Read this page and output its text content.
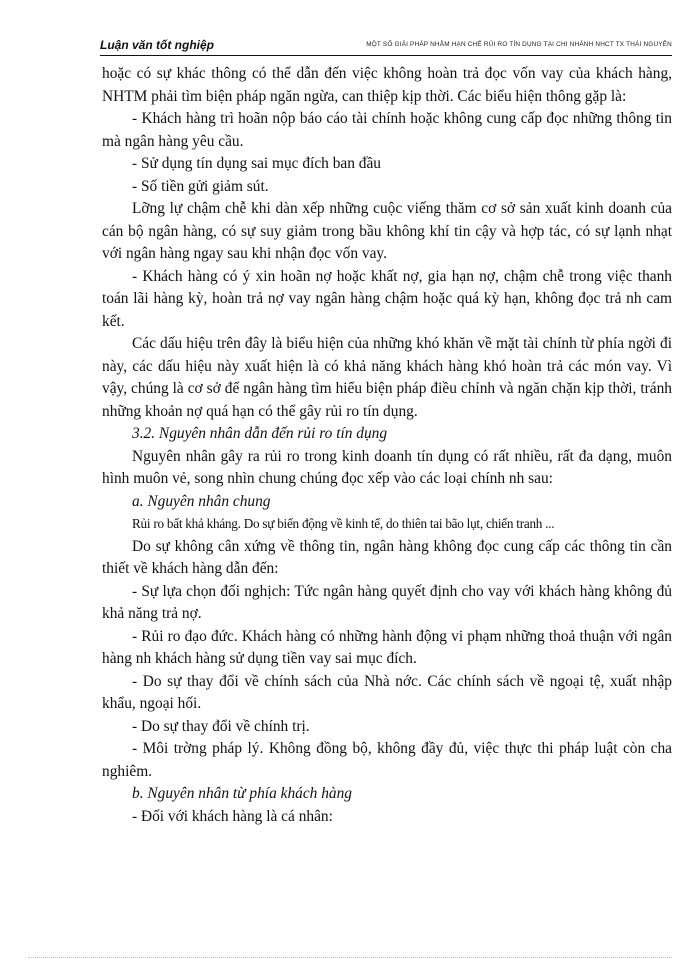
Luận văn tốt nghiệp	MỘT SỐ GIẢI PHÁP NHẰM HẠN CHẾ RỦI RO TÍN DỤNG TẠI CHI NHÁNH NHCT TX THÁI NGUYÊN

hoặc có sự khác thông có thể dẫn đến việc không hoàn trả đọc vốn vay của khách hàng, NHTM phải tìm biện pháp ngăn ngừa, can thiệp kịp thời. Các biểu hiện thông gặp là:

- Khách hàng trì hoãn nộp báo cáo tài chính hoặc không cung cấp đọc những thông tin mà ngân hàng yêu cầu.

- Sử dụng tín dụng sai mục đích ban đầu

- Số tiền gửi giảm sút.

Lỡng lự chậm chễ khi dàn xếp những cuộc viếng thăm cơ sở sản xuất kinh doanh của cán bộ ngân hàng, có sự suy giảm trong bầu không khí tin cậy và hợp tác, có sự lạnh nhạt với ngân hàng ngay sau khi nhận đọc vốn vay.

- Khách hàng có ý xin hoãn nợ hoặc khất nợ, gia hạn nợ, chậm chễ trong việc thanh toán lãi hàng kỳ, hoàn trả nợ vay ngân hàng chậm hoặc quá kỳ hạn, không đọc trả nh cam kết.

Các dấu hiệu trên đây là biểu hiện của những khó khăn về mặt tài chính từ phía ngời đi này, các dấu hiệu này xuất hiện là có khả năng khách hàng khó hoàn trả các món vay. Vì vậy, chúng là cơ sở để ngân hàng tìm hiểu biện pháp điều chỉnh và ngăn chặn kịp thời, tránh những khoản nợ quá hạn có thể gây rủi ro tín dụng.

3.2. Nguyên nhân dẫn đến rủi ro tín dụng

Nguyên nhân gây ra rủi ro trong kinh doanh tín dụng có rất nhiều, rất đa dạng, muôn hình muôn vẻ, song nhìn chung chúng đọc xếp vào các loại chính nh sau:

a. Nguyên nhân chung

Rủi ro bất khả kháng. Do sự biến động về kinh tế, do thiên tai bão lụt, chiến tranh ...

Do sự không cân xứng về thông tin, ngân hàng không đọc cung cấp các thông tin cần thiết về khách hàng dẫn đến:

- Sự lựa chọn đối nghịch: Tức ngân hàng quyết định cho vay với khách hàng không đủ khả năng trả nợ.

- Rủi ro đạo đức. Khách hàng có những hành động vi phạm những thoả thuận với ngân hàng nh khách hàng sử dụng tiền vay sai mục đích.

- Do sự thay đổi về chính sách của Nhà nớc. Các chính sách về ngoại tệ, xuất nhập khẩu, ngoại hối.

- Do sự thay đổi về chính trị.

- Môi trờng pháp lý. Không đồng bộ, không đầy đủ, việc thực thi pháp luật còn cha nghiêm.

b. Nguyên nhân từ phía khách hàng

- Đối với khách hàng là cá nhân:
